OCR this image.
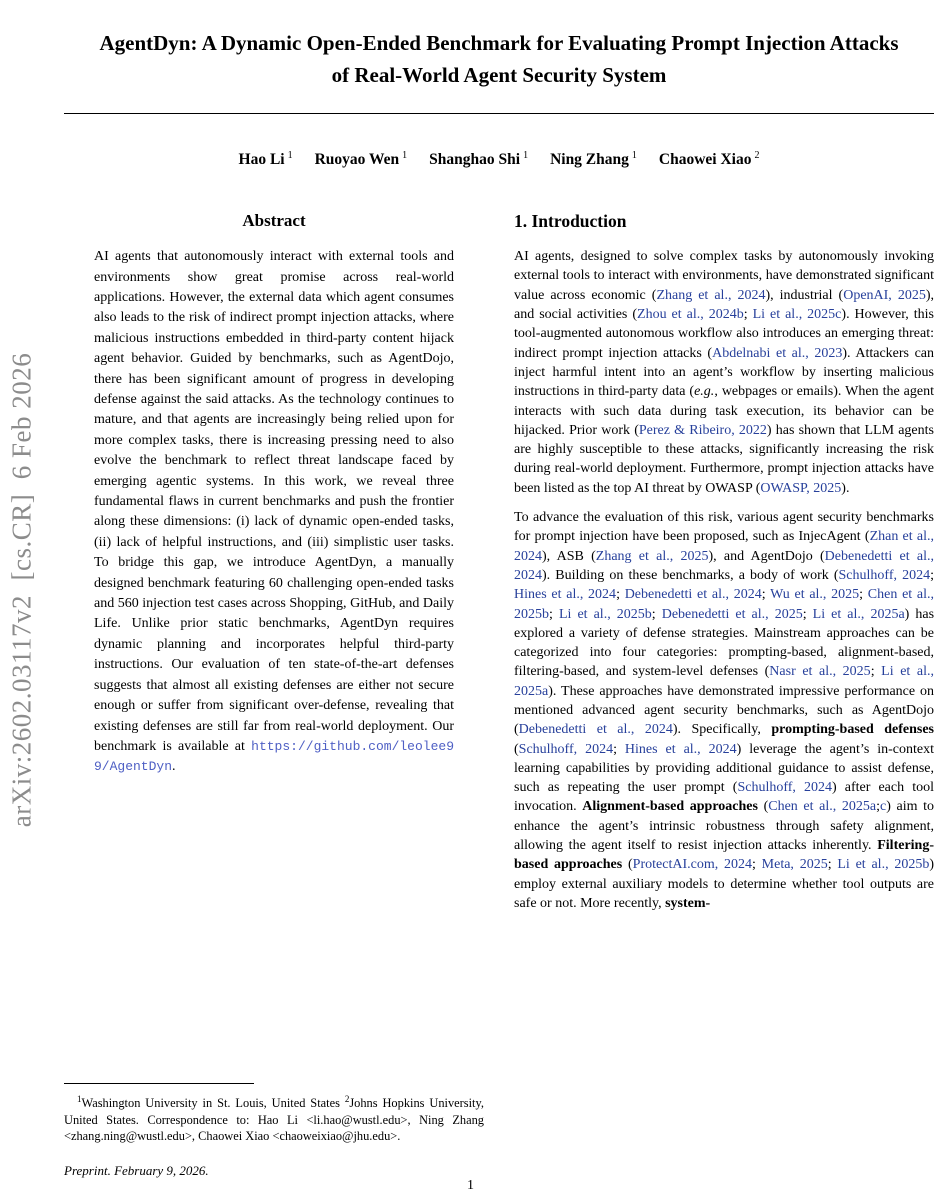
arXiv:2602.03117v2  [cs.CR]  6 Feb 2026
AgentDyn: A Dynamic Open-Ended Benchmark for Evaluating Prompt Injection Attacks of Real-World Agent Security System
Hao Li $^1$ Ruoyao Wen $^1$ Shanghao Shi $^1$ Ning Zhang $^1$ Chaowei Xiao $^2$
Abstract

AI agents that autonomously interact with external tools and environments show great promise across real-world applications. However, the external data which agent consumes also leads to the risk of indirect prompt injection attacks, where malicious instructions embedded in third-party content hijack agent behavior. Guided by benchmarks, such as AgentDojo, there has been significant amount of progress in developing defense against the said attacks. As the technology continues to mature, and that agents are increasingly being relied upon for more complex tasks, there is increasing pressing need to also evolve the benchmark to reflect threat landscape faced by emerging agentic systems. In this work, we reveal three fundamental flaws in current benchmarks and push the frontier along these dimensions: (i) lack of dynamic open-ended tasks, (ii) lack of helpful instructions, and (iii) simplistic user tasks. To bridge this gap, we introduce AgentDyn, a manually designed benchmark featuring 60 challenging open-ended tasks and 560 injection test cases across Shopping, GitHub, and Daily Life. Unlike prior static benchmarks, AgentDyn requires dynamic planning and incorporates helpful third-party instructions. Our evaluation of ten state-of-the-art defenses suggests that almost all existing defenses are either not secure enough or suffer from significant over-defense, revealing that existing defenses are still far from real-world deployment. Our benchmark is available at https://github.com/leolee99/AgentDyn.

$^1$Washington University in St. Louis, United States $^2$Johns Hopkins University, United States. Correspondence to: Hao Li <li.hao@wustl.edu>, Ning Zhang <zhang.ning@wustl.edu>, Chaowei Xiao <chaoweixiao@jhu.edu>.

Preprint. February 9, 2026.

1. Introduction

AI agents, designed to solve complex tasks by autonomously invoking external tools to interact with environments, have demonstrated significant value across economic (Zhang et al., 2024), industrial (OpenAI, 2025), and social activities (Zhou et al., 2024b; Li et al., 2025c). However, this tool-augmented autonomous workflow also introduces an emerging threat: indirect prompt injection attacks (Abdelnabi et al., 2023). Attackers can inject harmful intent into an agent’s workflow by inserting malicious instructions in third-party data (e.g., webpages or emails). When the agent interacts with such data during task execution, its behavior can be hijacked. Prior work (Perez & Ribeiro, 2022) has shown that LLM agents are highly susceptible to these attacks, significantly increasing the risk during real-world deployment. Furthermore, prompt injection attacks have been listed as the top AI threat by OWASP (OWASP, 2025).

To advance the evaluation of this risk, various agent security benchmarks for prompt injection have been proposed, such as InjecAgent (Zhan et al., 2024), ASB (Zhang et al., 2025), and AgentDojo (Debenedetti et al., 2024). Building on these benchmarks, a body of work (Schulhoff, 2024; Hines et al., 2024; Debenedetti et al., 2024; Wu et al., 2025; Chen et al., 2025b; Li et al., 2025b; Debenedetti et al., 2025; Li et al., 2025a) has explored a variety of defense strategies. Mainstream approaches can be categorized into four categories: prompting-based, alignment-based, filtering-based, and system-level defenses (Nasr et al., 2025; Li et al., 2025a). These approaches have demonstrated impressive performance on mentioned advanced agent security benchmarks, such as AgentDojo (Debenedetti et al., 2024). Specifically, prompting-based defenses (Schulhoff, 2024; Hines et al., 2024) leverage the agent’s in-context learning capabilities by providing additional guidance to assist defense, such as repeating the user prompt (Schulhoff, 2024) after each tool invocation. Alignment-based approaches (Chen et al., 2025a;c) aim to enhance the agent’s intrinsic robustness through safety alignment, allowing the agent itself to resist injection attacks inherently. Filtering-based approaches (ProtectAI.com, 2024; Meta, 2025; Li et al., 2025b) employ external auxiliary models to determine whether tool outputs are safe or not. More recently, system-

1
